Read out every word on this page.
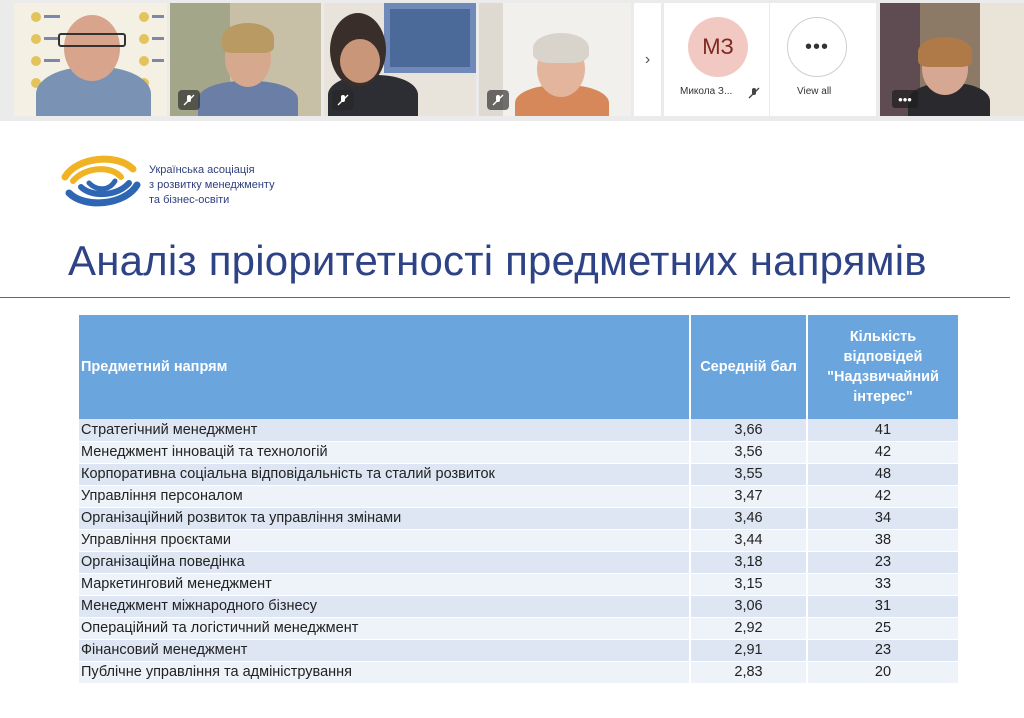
›	МЗ
Микола З...
•••
View all	•••
Українська асоціація
з розвитку менеджменту
та бізнес-освіти
Аналіз пріоритетності предметних напрямів
Предметний напрям	Середній бал	Кількість
відповідей
"Надзвичайний
інтерес"

Стратегічний менеджмент	3,66	41
Менеджмент інновацій та технологій	3,56	42
Корпоративна соціальна відповідальність та сталий розвиток	3,55	48
Управління персоналом	3,47	42
Організаційний розвиток та управління змінами	3,46	34
Управління проєктами	3,44	38
Організаційна поведінка	3,18	23
Маркетинговий менеджмент	3,15	33
Менеджмент міжнародного бізнесу	3,06	31
Операційний та логістичний менеджмент	2,92	25
Фінансовий менеджмент	2,91	23
Публічне управління та адміністрування	2,83	20
